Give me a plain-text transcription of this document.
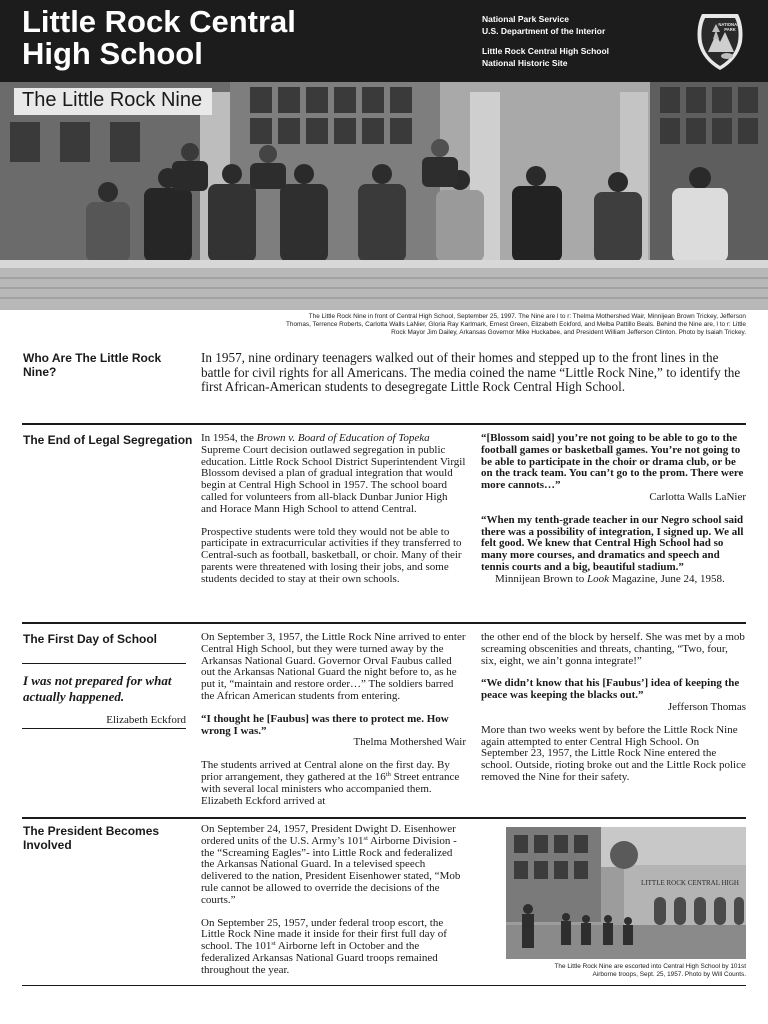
Little Rock Central
High School
National Park Service
U.S. Department of the Interior
Little Rock Central High School
National Historic Site
NATIONAL
PARK
The Little Rock Nine
The Little Rock Nine in front of Central High School, September 25, 1997. The Nine are l to r: Thelma Mothershed Wair, Minnijean Brown Trickey, Jefferson
Thomas, Terrence Roberts, Carlotta Walls LaNier, Gloria Ray Karlmark, Ernest Green, Elizabeth Eckford, and Melba Pattillo Beals. Behind the Nine are, l to r: Little
Rock Mayor Jim Dailey, Arkansas Governor Mike Huckabee, and President William Jefferson Clinton. Photo by Isaiah Trickey.
Who Are The Little Rock Nine?
In 1957, nine ordinary teenagers walked out of their homes and stepped up to the front lines in the battle for civil rights for all Americans. The media coined the name “Little Rock Nine,” to identify the first African-American students to desegregate Little Rock Central High School.
The End of Legal Segregation In 1954, the Brown v. Board of Education of Topeka Supreme Court decision outlawed segregation in public education. Little Rock School District Superintendent Virgil Blossom devised a plan of gradual integration that would begin at Central High School in 1957. The school board called for volunteers from all-black Dunbar Junior High and Horace Mann High School to attend Central.

Prospective students were told they would not be able to participate in extracurricular activities if they transferred to Central-such as football, basketball, or choir. Many of their parents were threatened with losing their jobs, and some students decided to stay at their own schools.

“[Blossom said] you’re not going to be able to go to the football games or basketball games. You’re not going to be able to participate in the choir or drama club, or be on the track team. You can’t go to the prom. There were more cannots…”

Carlotta Walls LaNier

“When my tenth-grade teacher in our Negro school said there was a possibility of integration, I signed up. We all felt good. We knew that Central High School had so many more courses, and dramatics and speech and tennis courts and a big, beautiful stadium.”

Minnijean Brown to Look Magazine, June 24, 1958.

The First Day of School
I was not prepared for what actually happened.
Elizabeth Eckford

On September 3, 1957, the Little Rock Nine arrived to enter Central High School, but they were turned away by the Arkansas National Guard. Governor Orval Faubus called out the Arkansas National Guard the night before to, as he put it, “maintain and restore order…” The soldiers barred the African American students from entering.

“I thought he [Faubus] was there to protect me. How wrong I was.”

Thelma Mothershed Wair

The students arrived at Central alone on the first day. By prior arrangement, they gathered at the 16th Street entrance with several local ministers who accompanied them. Elizabeth Eckford arrived at

the other end of the block by herself. She was met by a mob screaming obscenities and threats, chanting, “Two, four, six, eight, we ain’t gonna integrate!”

“We didn’t know that his [Faubus’] idea of keeping the peace was keeping the blacks out.”

Jefferson Thomas

More than two weeks went by before the Little Rock Nine again attempted to enter Central High School. On September 23, 1957, the Little Rock Nine entered the school. Outside, rioting broke out and the Little Rock police removed the Nine for their safety.

The President Becomes Involved

On September 24, 1957, President Dwight D. Eisenhower ordered units of the U.S. Army’s 101st Airborne Division -the “Screaming Eagles”- into Little Rock and federalized the Arkansas National Guard. In a televised speech delivered to the nation, President Eisenhower stated, “Mob rule cannot be allowed to override the decisions of the courts.”

On September 25, 1957, under federal troop escort, the Little Rock Nine made it inside for their first full day of school. The 101st Airborne left in October and the federalized Arkansas National Guard troops remained throughout the year.

LITTLE ROCK CENTRAL HIGH
The Little Rock Nine are escorted into Central High School by 101st
Airborne troops, Sept. 25, 1957. Photo by Will Counts.
